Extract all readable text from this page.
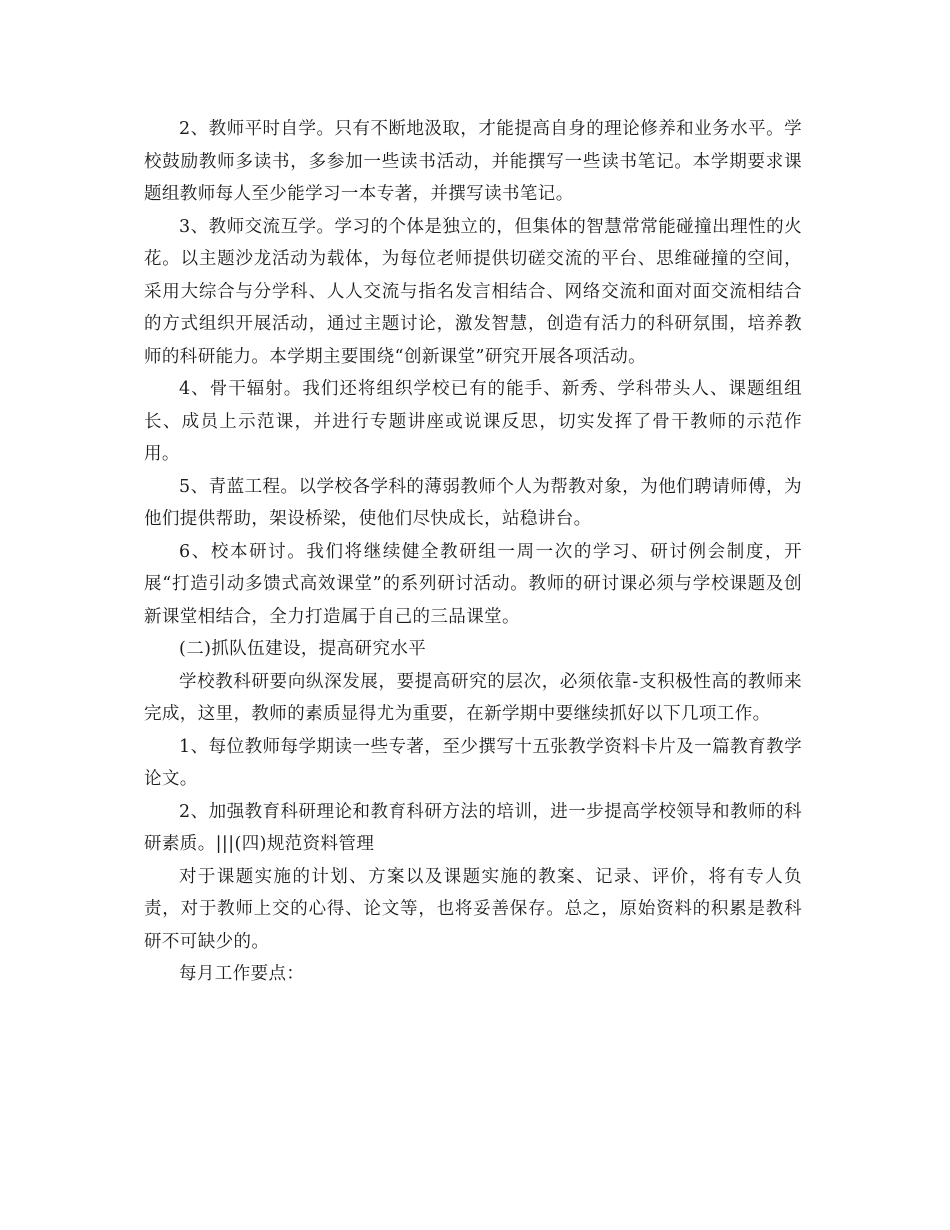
2、教师平时自学。只有不断地汲取，才能提高自身的理论修养和业务水平。学校鼓励教师多读书，多参加一些读书活动，并能撰写一些读书笔记。本学期要求课题组教师每人至少能学习一本专著，并撰写读书笔记。

3、教师交流互学。学习的个体是独立的，但集体的智慧常常能碰撞出理性的火花。以主题沙龙活动为载体，为每位老师提供切磋交流的平台、思维碰撞的空间，采用大综合与分学科、人人交流与指名发言相结合、网络交流和面对面交流相结合的方式组织开展活动，通过主题讨论，激发智慧，创造有活力的科研氛围，培养教师的科研能力。本学期主要围绕“创新课堂”研究开展各项活动。

4、骨干辐射。我们还将组织学校已有的能手、新秀、学科带头人、课题组组长、成员上示范课，并进行专题讲座或说课反思，切实发挥了骨干教师的示范作用。

5、青蓝工程。以学校各学科的薄弱教师个人为帮教对象，为他们聘请师傅，为他们提供帮助，架设桥梁，使他们尽快成长，站稳讲台。

6、校本研讨。我们将继续健全教研组一周一次的学习、研讨例会制度，开展“打造引动多馈式高效课堂”的系列研讨活动。教师的研讨课必须与学校课题及创新课堂相结合，全力打造属于自己的三品课堂。

(二)抓队伍建设，提高研究水平

学校教科研要向纵深发展，要提高研究的层次，必须依靠-支积极性高的教师来完成，这里，教师的素质显得尤为重要，在新学期中要继续抓好以下几项工作。

1、每位教师每学期读一些专著，至少撰写十五张教学资料卡片及一篇教育教学论文。

2、加强教育科研理论和教育科研方法的培训，进一步提高学校领导和教师的科研素质。|||(四)规范资料管理

对于课题实施的计划、方案以及课题实施的教案、记录、评价，将有专人负责，对于教师上交的心得、论文等，也将妥善保存。总之，原始资料的积累是教科研不可缺少的。

每月工作要点：
